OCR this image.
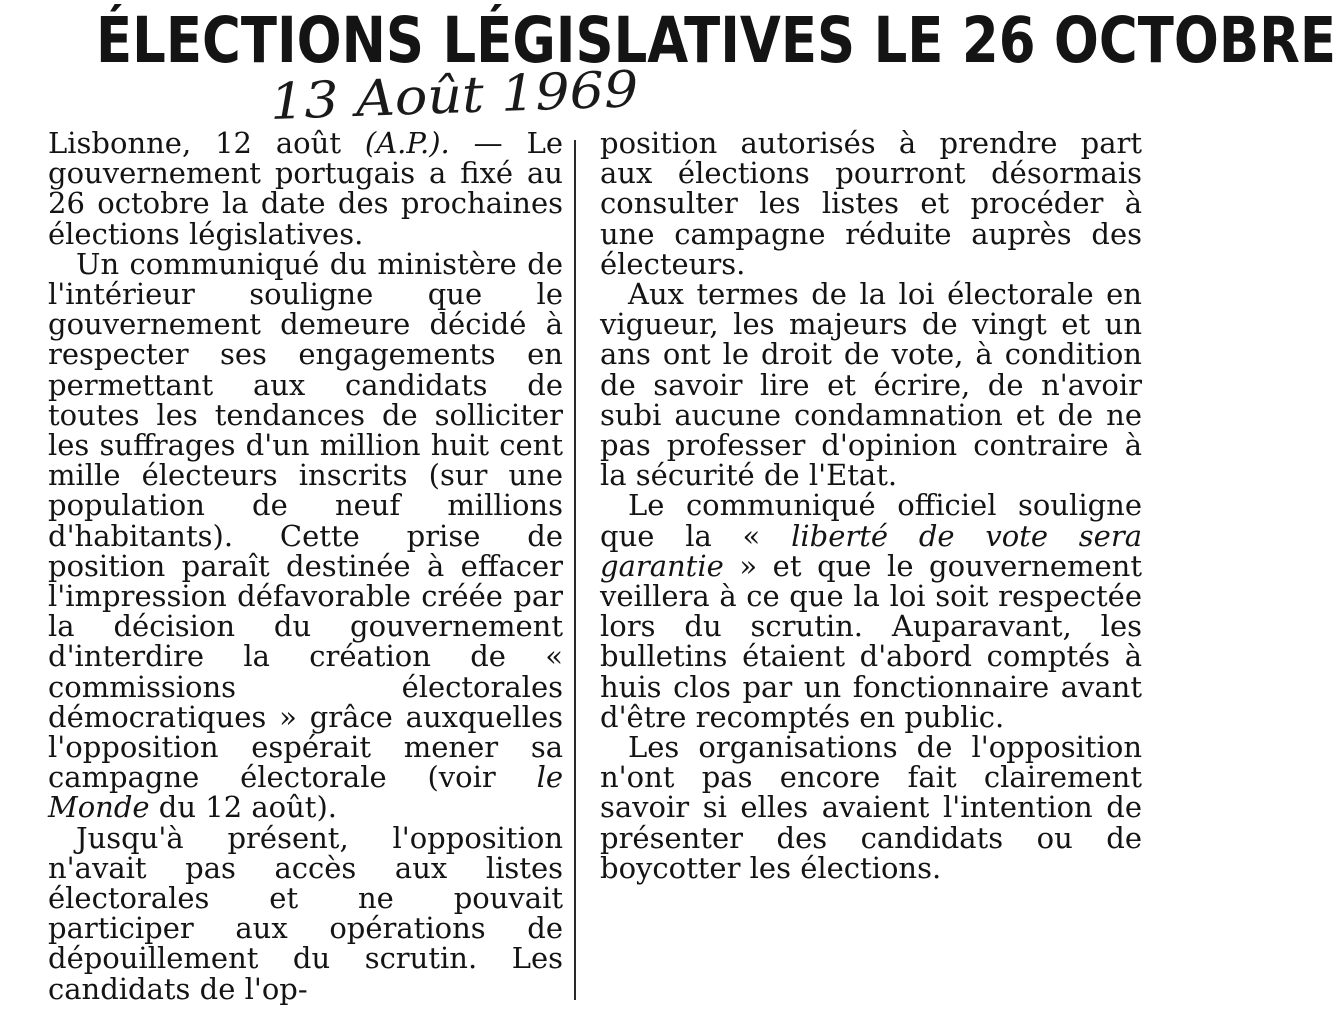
ÉLECTIONS LÉGISLATIVES LE 26 OCTOBRE
13 Août 1969

Lisbonne, 12 août (A.P.). — Le gouvernement portugais a fixé au 26 octobre la date des prochaines élections législatives.

Un communiqué du ministère de l'intérieur souligne que le gouvernement demeure décidé à respecter ses engagements en permettant aux candidats de toutes les tendances de solliciter les suffrages d'un million huit cent mille électeurs inscrits (sur une population de neuf millions d'habitants). Cette prise de position paraît destinée à effacer l'impression défavorable créée par la décision du gouvernement d'interdire la création de « commissions électorales démocratiques » grâce auxquelles l'opposition espérait mener sa campagne électorale (voir le Monde du 12 août).

Jusqu'à présent, l'opposition n'avait pas accès aux listes électorales et ne pouvait participer aux opérations de dépouillement du scrutin. Les candidats de l'op-

position autorisés à prendre part aux élections pourront désormais consulter les listes et procéder à une campagne réduite auprès des électeurs.

Aux termes de la loi électorale en vigueur, les majeurs de vingt et un ans ont le droit de vote, à condition de savoir lire et écrire, de n'avoir subi aucune condamnation et de ne pas professer d'opinion contraire à la sécurité de l'Etat.

Le communiqué officiel souligne que la « liberté de vote sera garantie » et que le gouvernement veillera à ce que la loi soit respectée lors du scrutin. Auparavant, les bulletins étaient d'abord comptés à huis clos par un fonctionnaire avant d'être recomptés en public.

Les organisations de l'opposition n'ont pas encore fait clairement savoir si elles avaient l'intention de présenter des candidats ou de boycotter les élections.
